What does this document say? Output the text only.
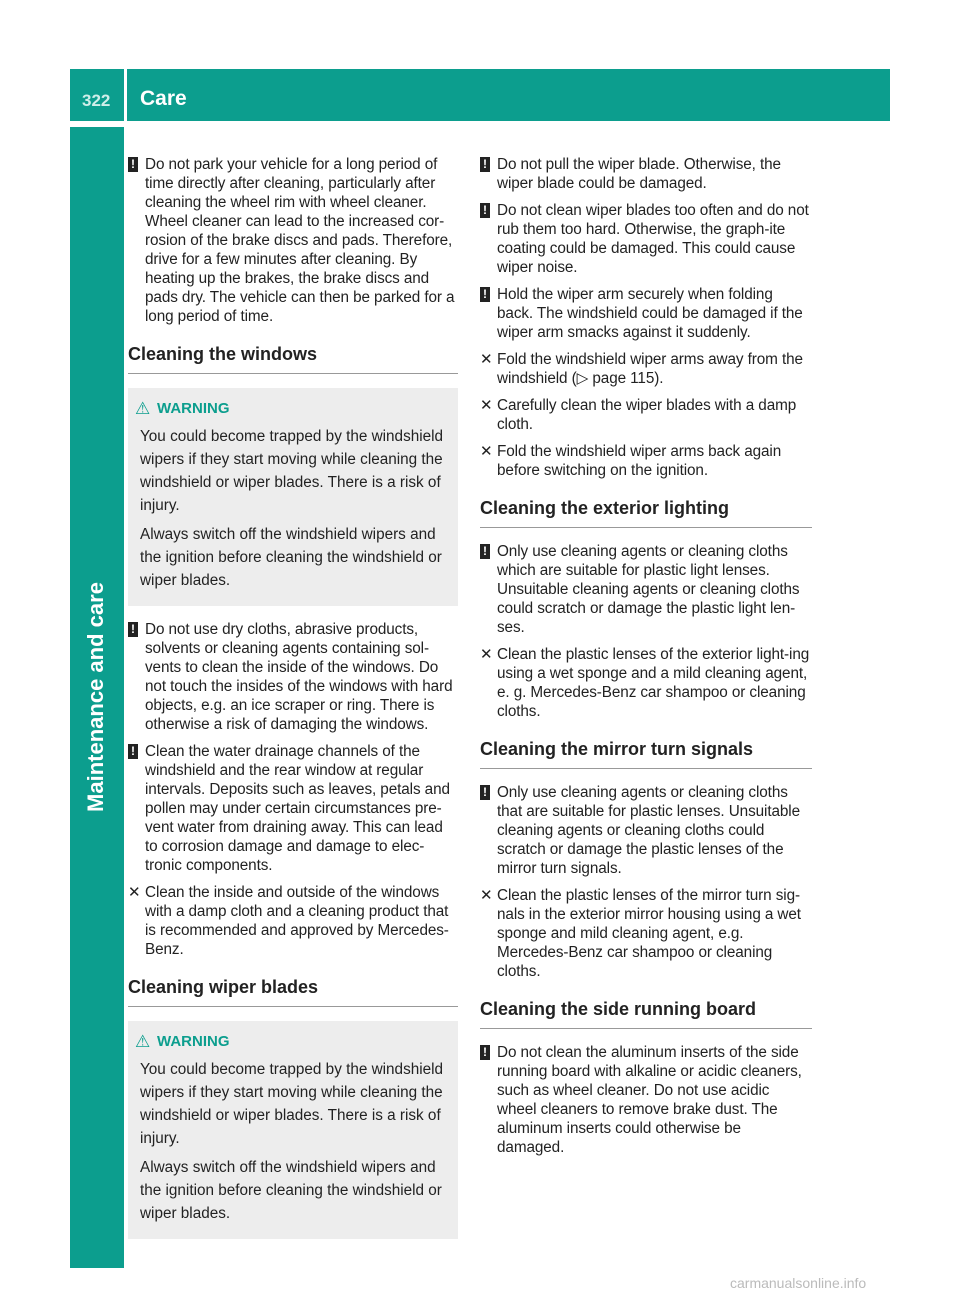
322 Care
Maintenance and care
! Do not park your vehicle for a long period of time directly after cleaning, particularly after cleaning the wheel rim with wheel cleaner. Wheel cleaner can lead to the increased cor-rosion of the brake discs and pads. Therefore, drive for a few minutes after cleaning. By heating up the brakes, the brake discs and pads dry. The vehicle can then be parked for a long period of time.
Cleaning the windows
⚠ WARNING
You could become trapped by the windshield wipers if they start moving while cleaning the windshield or wiper blades. There is a risk of injury.
Always switch off the windshield wipers and the ignition before cleaning the windshield or wiper blades.
! Do not use dry cloths, abrasive products, solvents or cleaning agents containing sol-vents to clean the inside of the windows. Do not touch the insides of the windows with hard objects, e.g. an ice scraper or ring. There is otherwise a risk of damaging the windows.
! Clean the water drainage channels of the windshield and the rear window at regular intervals. Deposits such as leaves, petals and pollen may under certain circumstances pre-vent water from draining away. This can lead to corrosion damage and damage to elec-tronic components.
✕ Clean the inside and outside of the windows with a damp cloth and a cleaning product that is recommended and approved by Mercedes-Benz.
Cleaning wiper blades
⚠ WARNING
You could become trapped by the windshield wipers if they start moving while cleaning the windshield or wiper blades. There is a risk of injury.
Always switch off the windshield wipers and the ignition before cleaning the windshield or wiper blades.
! Do not pull the wiper blade. Otherwise, the wiper blade could be damaged.
! Do not clean wiper blades too often and do not rub them too hard. Otherwise, the graph-ite coating could be damaged. This could cause wiper noise.
! Hold the wiper arm securely when folding back. The windshield could be damaged if the wiper arm smacks against it suddenly.
✕ Fold the windshield wiper arms away from the windshield (▷ page 115).
✕ Carefully clean the wiper blades with a damp cloth.
✕ Fold the windshield wiper arms back again before switching on the ignition.
Cleaning the exterior lighting
! Only use cleaning agents or cleaning cloths which are suitable for plastic light lenses. Unsuitable cleaning agents or cleaning cloths could scratch or damage the plastic light len-ses.
✕ Clean the plastic lenses of the exterior light-ing using a wet sponge and a mild cleaning agent, e. g. Mercedes-Benz car shampoo or cleaning cloths.
Cleaning the mirror turn signals
! Only use cleaning agents or cleaning cloths that are suitable for plastic lenses. Unsuitable cleaning agents or cleaning cloths could scratch or damage the plastic lenses of the mirror turn signals.
✕ Clean the plastic lenses of the mirror turn sig-nals in the exterior mirror housing using a wet sponge and mild cleaning agent, e.g. Mercedes-Benz car shampoo or cleaning cloths.
Cleaning the side running board
! Do not clean the aluminum inserts of the side running board with alkaline or acidic cleaners, such as wheel cleaner. Do not use acidic wheel cleaners to remove brake dust. The aluminum inserts could otherwise be damaged.
carmanualsonline.info
